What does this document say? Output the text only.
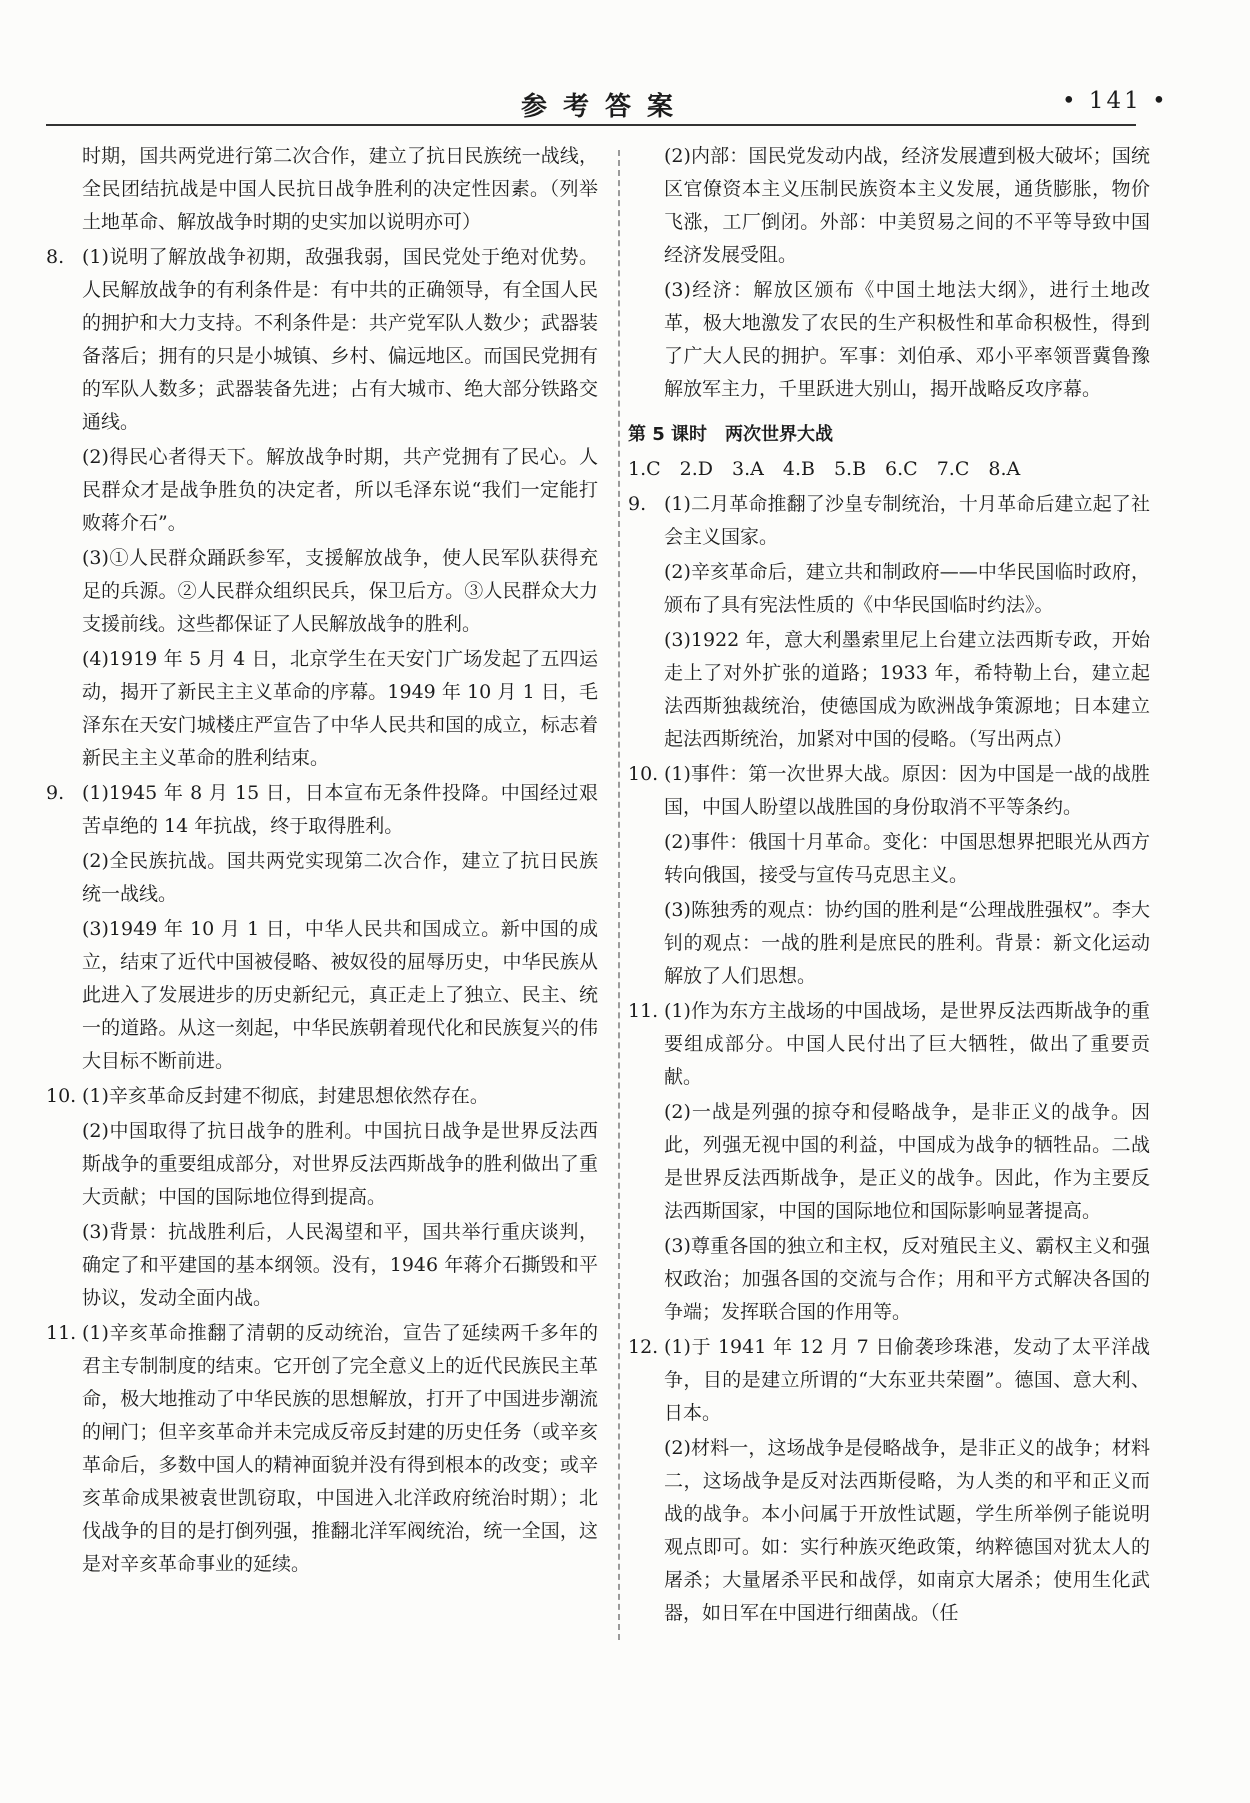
参考答案	• 141 •
时期，国共两党进行第二次合作，建立了抗日民族统一战线，全民团结抗战是中国人民抗日战争胜利的决定性因素。（列举土地革命、解放战争时期的史实加以说明亦可）
8. (1)说明了解放战争初期，敌强我弱，国民党处于绝对优势。人民解放战争的有利条件是：有中共的正确领导，有全国人民的拥护和大力支持。不利条件是：共产党军队人数少；武器装备落后；拥有的只是小城镇、乡村、偏远地区。而国民党拥有的军队人数多；武器装备先进；占有大城市、绝大部分铁路交通线。
(2)得民心者得天下。解放战争时期，共产党拥有了民心。人民群众才是战争胜负的决定者，所以毛泽东说“我们一定能打败蒋介石”。
(3)①人民群众踊跃参军，支援解放战争，使人民军队获得充足的兵源。②人民群众组织民兵，保卫后方。③人民群众大力支援前线。这些都保证了人民解放战争的胜利。
(4)1919 年 5 月 4 日，北京学生在天安门广场发起了五四运动，揭开了新民主主义革命的序幕。1949 年 10 月 1 日，毛泽东在天安门城楼庄严宣告了中华人民共和国的成立，标志着新民主主义革命的胜利结束。
9. (1)1945 年 8 月 15 日，日本宣布无条件投降。中国经过艰苦卓绝的 14 年抗战，终于取得胜利。
(2)全民族抗战。国共两党实现第二次合作，建立了抗日民族统一战线。
(3)1949 年 10 月 1 日，中华人民共和国成立。新中国的成立，结束了近代中国被侵略、被奴役的屈辱历史，中华民族从此进入了发展进步的历史新纪元，真正走上了独立、民主、统一的道路。从这一刻起，中华民族朝着现代化和民族复兴的伟大目标不断前进。
10. (1)辛亥革命反封建不彻底，封建思想依然存在。
(2)中国取得了抗日战争的胜利。中国抗日战争是世界反法西斯战争的重要组成部分，对世界反法西斯战争的胜利做出了重大贡献；中国的国际地位得到提高。
(3)背景：抗战胜利后，人民渴望和平，国共举行重庆谈判，确定了和平建国的基本纲领。没有，1946 年蒋介石撕毁和平协议，发动全面内战。
11. (1)辛亥革命推翻了清朝的反动统治，宣告了延续两千多年的君主专制制度的结束。它开创了完全意义上的近代民族民主革命，极大地推动了中华民族的思想解放，打开了中国进步潮流的闸门；但辛亥革命并未完成反帝反封建的历史任务（或辛亥革命后，多数中国人的精神面貌并没有得到根本的改变；或辛亥革命成果被袁世凯窃取，中国进入北洋政府统治时期）；北伐战争的目的是打倒列强，推翻北洋军阀统治，统一全国，这是对辛亥革命事业的延续。
(2)内部：国民党发动内战，经济发展遭到极大破坏；国统区官僚资本主义压制民族资本主义发展，通货膨胀，物价飞涨，工厂倒闭。外部：中美贸易之间的不平等导致中国经济发展受阻。
(3)经济：解放区颁布《中国土地法大纲》，进行土地改革，极大地激发了农民的生产积极性和革命积极性，得到了广大人民的拥护。军事：刘伯承、邓小平率领晋冀鲁豫解放军主力，千里跃进大别山，揭开战略反攻序幕。
第 5 课时　两次世界大战
1.C　2.D　3.A　4.B　5.B　6.C　7.C　8.A
9. (1)二月革命推翻了沙皇专制统治，十月革命后建立起了社会主义国家。
(2)辛亥革命后，建立共和制政府——中华民国临时政府，颁布了具有宪法性质的《中华民国临时约法》。
(3)1922 年，意大利墨索里尼上台建立法西斯专政，开始走上了对外扩张的道路；1933 年，希特勒上台，建立起法西斯独裁统治，使德国成为欧洲战争策源地；日本建立起法西斯统治，加紧对中国的侵略。（写出两点）
10. (1)事件：第一次世界大战。原因：因为中国是一战的战胜国，中国人盼望以战胜国的身份取消不平等条约。
(2)事件：俄国十月革命。变化：中国思想界把眼光从西方转向俄国，接受与宣传马克思主义。
(3)陈独秀的观点：协约国的胜利是“公理战胜强权”。李大钊的观点：一战的胜利是庶民的胜利。背景：新文化运动解放了人们思想。
11. (1)作为东方主战场的中国战场，是世界反法西斯战争的重要组成部分。中国人民付出了巨大牺牲，做出了重要贡献。
(2)一战是列强的掠夺和侵略战争，是非正义的战争。因此，列强无视中国的利益，中国成为战争的牺牲品。二战是世界反法西斯战争，是正义的战争。因此，作为主要反法西斯国家，中国的国际地位和国际影响显著提高。
(3)尊重各国的独立和主权，反对殖民主义、霸权主义和强权政治；加强各国的交流与合作；用和平方式解决各国的争端；发挥联合国的作用等。
12. (1)于 1941 年 12 月 7 日偷袭珍珠港，发动了太平洋战争，目的是建立所谓的“大东亚共荣圈”。德国、意大利、日本。
(2)材料一，这场战争是侵略战争，是非正义的战争；材料二，这场战争是反对法西斯侵略，为人类的和平和正义而战的战争。本小问属于开放性试题，学生所举例子能说明观点即可。如：实行种族灭绝政策，纳粹德国对犹太人的屠杀；大量屠杀平民和战俘，如南京大屠杀；使用生化武器，如日军在中国进行细菌战。（任
